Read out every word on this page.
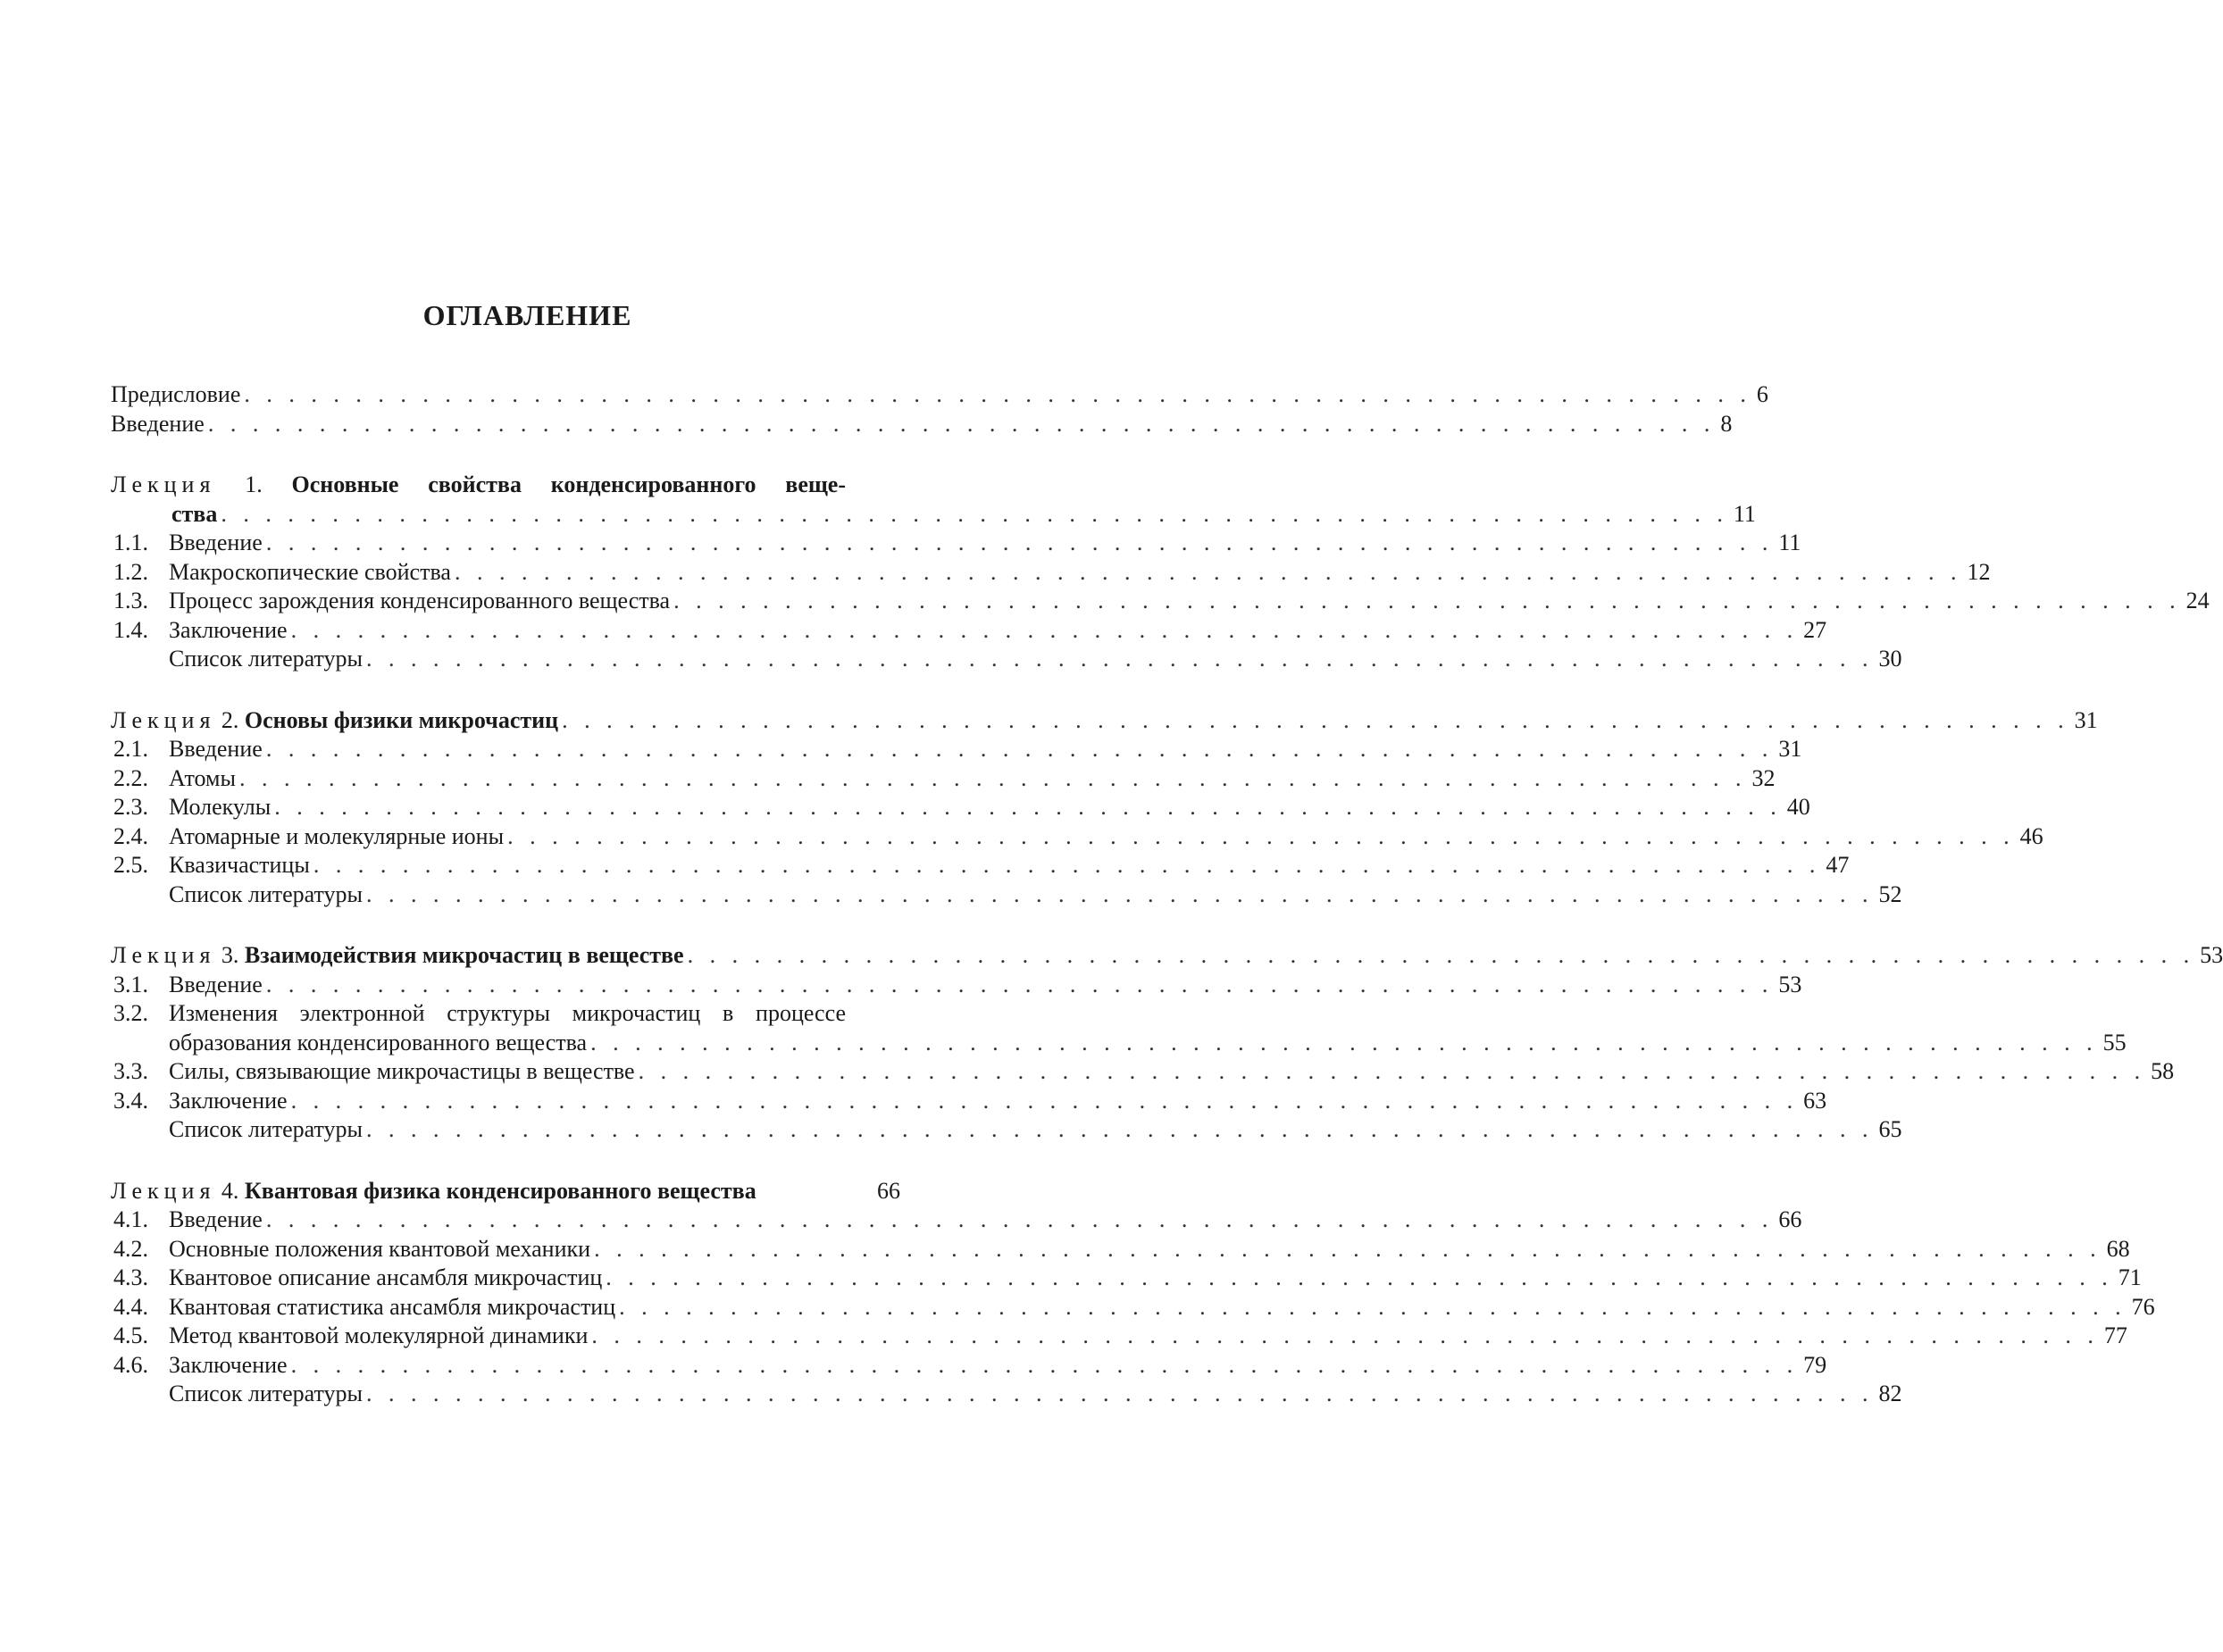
ОГЛАВЛЕНИЕ
Предисловие . . . . . . . . . . . . . . . . . . . . . . . . . . . . . . . . . . . . . . . . . . . . . . . . . . . . . . . . . . . . . . . . . . . . 6
Введение . . . . . . . . . . . . . . . . . . . . . . . . . . . . . . . . . . . . . . . . . . . . . . . . . . . . . . . . . . . . . . . . . . . . 8
Лекция 1. Основные свойства конденсированного веще-
ства . . . . . . . . . . . . . . . . . . . . . . . . . . . . . . . . . . . . . . . . . . . . . . . . . . . . . . . . . . . . . . . . . . . . 11
1.1. Введение . . . . . . . . . . . . . . . . . . . . . . . . . . . . . . . . . . . . . . . . . . . . . . . . . . . . . . . . . . . . . . . . . . . . 11
1.2. Макроскопические свойства . . . . . . . . . . . . . . . . . . . . . . . . . . . . . . . . . . . . . . . . . . . . . . . . . . . . . . . . . . . . . . . . . . . . 12
1.3. Процесс зарождения конденсированного вещества . . . . . . . . . . . . . . . . . . . . . . . . . . . . . . . . . . . . . . . . . . . . . . . . . . . . . . . . . . . . . . . . . . . . 24
1.4. Заключение . . . . . . . . . . . . . . . . . . . . . . . . . . . . . . . . . . . . . . . . . . . . . . . . . . . . . . . . . . . . . . . . . . . . 27
Список литературы . . . . . . . . . . . . . . . . . . . . . . . . . . . . . . . . . . . . . . . . . . . . . . . . . . . . . . . . . . . . . . . . . . . . 30
Лекция 2. Основы физики микрочастиц . . . . . . . . . . . . . . . . . . . . . . . . . . . . . . . . . . . . . . . . . . . . . . . . . . . . . . . . . . . . . . . . . . . . 31
2.1. Введение . . . . . . . . . . . . . . . . . . . . . . . . . . . . . . . . . . . . . . . . . . . . . . . . . . . . . . . . . . . . . . . . . . . . 31
2.2. Атомы . . . . . . . . . . . . . . . . . . . . . . . . . . . . . . . . . . . . . . . . . . . . . . . . . . . . . . . . . . . . . . . . . . . . 32
2.3. Молекулы . . . . . . . . . . . . . . . . . . . . . . . . . . . . . . . . . . . . . . . . . . . . . . . . . . . . . . . . . . . . . . . . . . . . 40
2.4. Атомарные и молекулярные ионы . . . . . . . . . . . . . . . . . . . . . . . . . . . . . . . . . . . . . . . . . . . . . . . . . . . . . . . . . . . . . . . . . . . . 46
2.5. Квазичастицы . . . . . . . . . . . . . . . . . . . . . . . . . . . . . . . . . . . . . . . . . . . . . . . . . . . . . . . . . . . . . . . . . . . . 47
Список литературы . . . . . . . . . . . . . . . . . . . . . . . . . . . . . . . . . . . . . . . . . . . . . . . . . . . . . . . . . . . . . . . . . . . . 52
Лекция 3. Взаимодействия микрочастиц в веществе . . . . . . . . . . . . . . . . . . . . . . . . . . . . . . . . . . . . . . . . . . . . . . . . . . . . . . . . . . . . . . . . . . . . 53
3.1. Введение . . . . . . . . . . . . . . . . . . . . . . . . . . . . . . . . . . . . . . . . . . . . . . . . . . . . . . . . . . . . . . . . . . . . 53
3.2. Изменения электронной структуры микрочастиц в процессе
образования конденсированного вещества . . . . . . . . . . . . . . . . . . . . . . . . . . . . . . . . . . . . . . . . . . . . . . . . . . . . . . . . . . . . . . . . . . . . 55
3.3. Силы, связывающие микрочастицы в веществе . . . . . . . . . . . . . . . . . . . . . . . . . . . . . . . . . . . . . . . . . . . . . . . . . . . . . . . . . . . . . . . . . . . . 58
3.4. Заключение . . . . . . . . . . . . . . . . . . . . . . . . . . . . . . . . . . . . . . . . . . . . . . . . . . . . . . . . . . . . . . . . . . . . 63
Список литературы . . . . . . . . . . . . . . . . . . . . . . . . . . . . . . . . . . . . . . . . . . . . . . . . . . . . . . . . . . . . . . . . . . . . 65
Лекция 4. Квантовая физика конденсированного вещества	66
4.1. Введение . . . . . . . . . . . . . . . . . . . . . . . . . . . . . . . . . . . . . . . . . . . . . . . . . . . . . . . . . . . . . . . . . . . . 66
4.2. Основные положения квантовой механики . . . . . . . . . . . . . . . . . . . . . . . . . . . . . . . . . . . . . . . . . . . . . . . . . . . . . . . . . . . . . . . . . . . . 68
4.3. Квантовое описание ансамбля микрочастиц . . . . . . . . . . . . . . . . . . . . . . . . . . . . . . . . . . . . . . . . . . . . . . . . . . . . . . . . . . . . . . . . . . . . 71
4.4. Квантовая статистика ансамбля микрочастиц . . . . . . . . . . . . . . . . . . . . . . . . . . . . . . . . . . . . . . . . . . . . . . . . . . . . . . . . . . . . . . . . . . . . 76
4.5. Метод квантовой молекулярной динамики . . . . . . . . . . . . . . . . . . . . . . . . . . . . . . . . . . . . . . . . . . . . . . . . . . . . . . . . . . . . . . . . . . . . 77
4.6. Заключение . . . . . . . . . . . . . . . . . . . . . . . . . . . . . . . . . . . . . . . . . . . . . . . . . . . . . . . . . . . . . . . . . . . . 79
Список литературы . . . . . . . . . . . . . . . . . . . . . . . . . . . . . . . . . . . . . . . . . . . . . . . . . . . . . . . . . . . . . . . . . . . . 82
